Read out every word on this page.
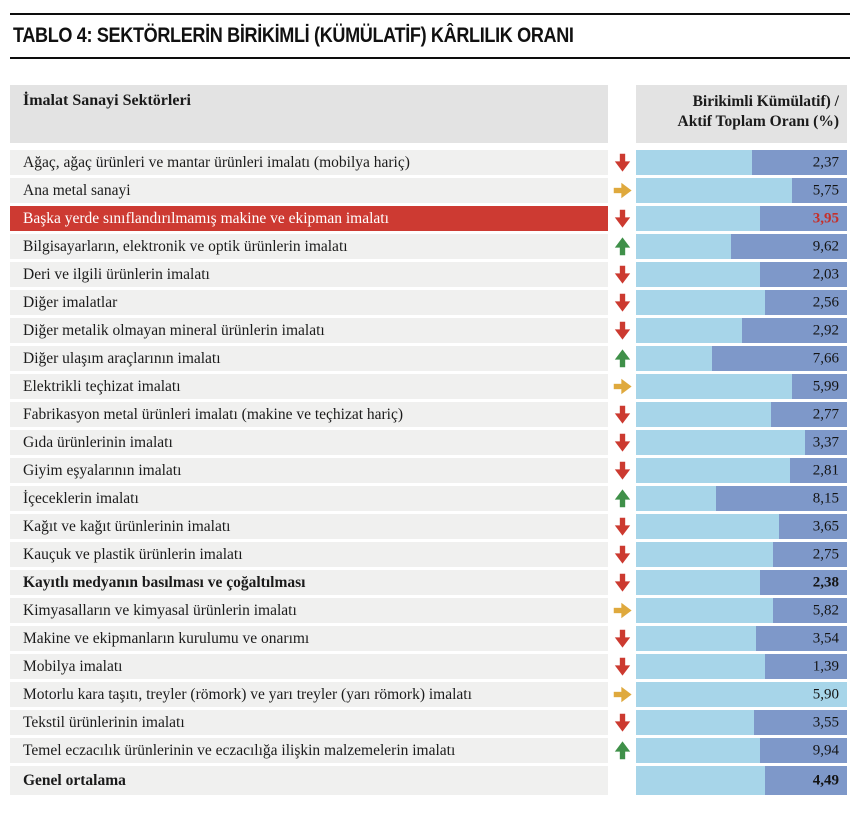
TABLO 4: SEKTÖRLERİN BİRİKİMLİ (KÜMÜLATİF) KÂRLILIK ORANI
İmalat Sanayi Sektörleri	Birikimli Kümülatif) /
Aktif Toplam Oranı (%)
Ağaç, ağaç ürünleri ve mantar ürünleri imalatı (mobilya hariç)	2,37
Ana metal sanayi	5,75
Başka yerde sınıflandırılmamış makine ve ekipman imalatı	3,95
Bilgisayarların, elektronik ve optik ürünlerin imalatı	9,62
Deri ve ilgili ürünlerin imalatı	2,03
Diğer imalatlar	2,56
Diğer metalik olmayan mineral ürünlerin imalatı	2,92
Diğer ulaşım araçlarının imalatı	7,66
Elektrikli teçhizat imalatı	5,99
Fabrikasyon metal ürünleri imalatı (makine ve teçhizat hariç)	2,77
Gıda ürünlerinin imalatı	3,37
Giyim eşyalarının imalatı	2,81
İçeceklerin imalatı	8,15
Kağıt ve kağıt ürünlerinin imalatı	3,65
Kauçuk ve plastik ürünlerin imalatı	2,75
Kayıtlı medyanın basılması ve çoğaltılması	2,38
Kimyasalların ve kimyasal ürünlerin imalatı	5,82
Makine ve ekipmanların kurulumu ve onarımı	3,54
Mobilya imalatı	1,39
Motorlu kara taşıtı, treyler (römork) ve yarı treyler (yarı römork) imalatı	5,90
Tekstil ürünlerinin imalatı	3,55
Temel eczacılık ürünlerinin ve eczacılığa ilişkin malzemelerin imalatı	9,94
Genel ortalama	4,49
